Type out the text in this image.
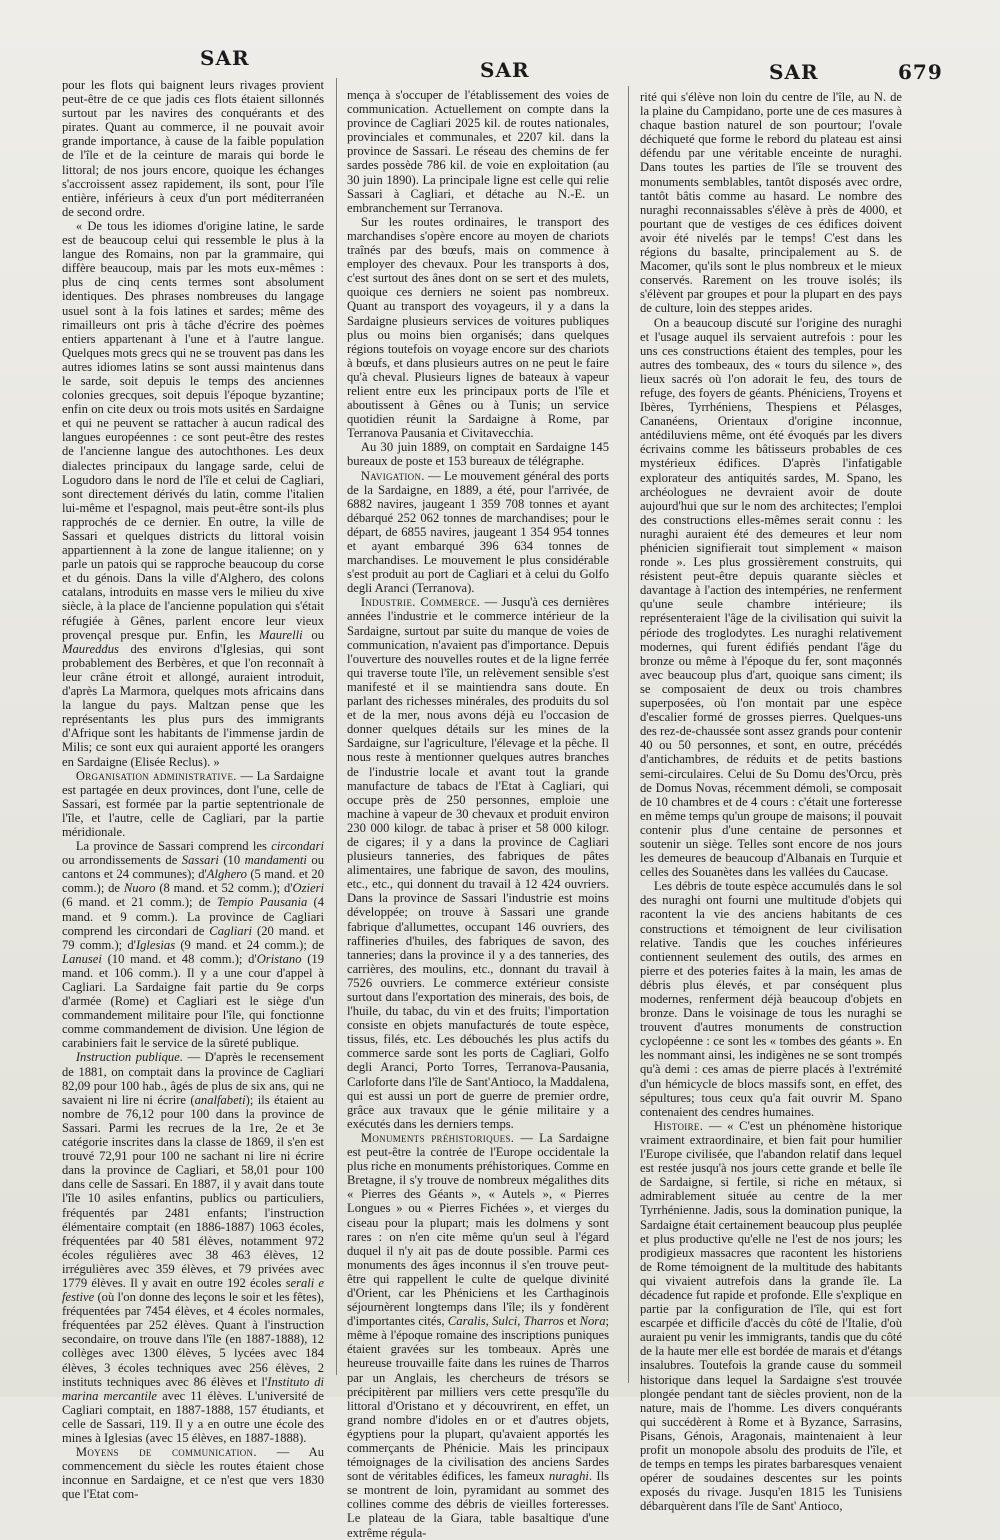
SAR	SAR	SAR	679

pour les flots qui baignent leurs rivages provient peut-être de ce que jadis ces flots étaient sillonnés surtout par les navires des conquérants et des pirates. Quant au commerce, il ne pouvait avoir grande importance, à cause de la faible population de l'île et de la ceinture de marais qui borde le littoral; de nos jours encore, quoique les échanges s'accroissent assez rapidement, ils sont, pour l'île entière, inférieurs à ceux d'un port méditerranéen de second ordre.

« De tous les idiomes d'origine latine, le sarde est de beaucoup celui qui ressemble le plus à la langue des Romains, non par la grammaire, qui diffère beaucoup, mais par les mots eux-mêmes : plus de cinq cents termes sont absolument identiques. Des phrases nombreuses du langage usuel sont à la fois latines et sardes; même des rimailleurs ont pris à tâche d'écrire des poèmes entiers appartenant à l'une et à l'autre langue. Quelques mots grecs qui ne se trouvent pas dans les autres idiomes latins se sont aussi maintenus dans le sarde, soit depuis le temps des anciennes colonies grecques, soit depuis l'époque byzantine; enfin on cite deux ou trois mots usités en Sardaigne et qui ne peuvent se rattacher à aucun radical des langues européennes : ce sont peut-être des restes de l'ancienne langue des autochthones. Les deux dialectes principaux du langage sarde, celui de Logudoro dans le nord de l'île et celui de Cagliari, sont directement dérivés du latin, comme l'italien lui-même et l'espagnol, mais peut-être sont-ils plus rapprochés de ce dernier. En outre, la ville de Sassari et quelques districts du littoral voisin appartiennent à la zone de langue italienne; on y parle un patois qui se rapproche beaucoup du corse et du génois. Dans la ville d'Alghero, des colons catalans, introduits en masse vers le milieu du xive siècle, à la place de l'ancienne population qui s'était réfugiée à Gênes, parlent encore leur vieux provençal presque pur. Enfin, les Maurelli ou Maureddus des environs d'Iglesias, qui sont probablement des Berbères, et que l'on reconnaît à leur crâne étroit et allongé, auraient introduit, d'après La Marmora, quelques mots africains dans la langue du pays. Maltzan pense que les représentants les plus purs des immigrants d'Afrique sont les habitants de l'immense jardin de Milis; ce sont eux qui auraient apporté les orangers en Sardaigne (Elisée Reclus). »

Organisation administrative. — La Sardaigne est partagée en deux provinces, dont l'une, celle de Sassari, est formée par la partie septentrionale de l'île, et l'autre, celle de Cagliari, par la partie méridionale.

La province de Sassari comprend les circondari ou arrondissements de Sassari (10 mandamenti ou cantons et 24 communes); d'Alghero (5 mand. et 20 comm.); de Nuoro (8 mand. et 52 comm.); d'Ozieri (6 mand. et 21 comm.); de Tempio Pausania (4 mand. et 9 comm.). La province de Cagliari comprend les circondari de Cagliari (20 mand. et 79 comm.); d'Iglesias (9 mand. et 24 comm.); de Lanusei (10 mand. et 48 comm.); d'Oristano (19 mand. et 106 comm.). Il y a une cour d'appel à Cagliari. La Sardaigne fait partie du 9e corps d'armée (Rome) et Cagliari est le siège d'un commandement militaire pour l'île, qui fonctionne comme commandement de division. Une légion de carabiniers fait le service de la sûreté publique.

Instruction publique. — D'après le recensement de 1881, on comptait dans la province de Cagliari 82,09 pour 100 hab., âgés de plus de six ans, qui ne savaient ni lire ni écrire (analfabeti); ils étaient au nombre de 76,12 pour 100 dans la province de Sassari. Parmi les recrues de la 1re, 2e et 3e catégorie inscrites dans la classe de 1869, il s'en est trouvé 72,91 pour 100 ne sachant ni lire ni écrire dans la province de Cagliari, et 58,01 pour 100 dans celle de Sassari. En 1887, il y avait dans toute l'île 10 asiles enfantins, publics ou particuliers, fréquentés par 2481 enfants; l'instruction élémentaire comptait (en 1886-1887) 1063 écoles, fréquentées par 40 581 élèves, notamment 972 écoles régulières avec 38 463 élèves, 12 irrégulières avec 359 élèves, et 79 privées avec 1779 élèves. Il y avait en outre 192 écoles serali e festive (où l'on donne des leçons le soir et les fêtes), fréquentées par 7454 élèves, et 4 écoles normales, fréquentées par 252 élèves. Quant à l'instruction secondaire, on trouve dans l'île (en 1887-1888), 12 collèges avec 1300 élèves, 5 lycées avec 184 élèves, 3 écoles techniques avec 256 élèves, 2 instituts techniques avec 86 élèves et l'Instituto di marina mercantile avec 11 élèves. L'université de Cagliari comptait, en 1887-1888, 157 étudiants, et celle de Sassari, 119. Il y a en outre une école des mines à Iglesias (avec 15 élèves, en 1887-1888).

Moyens de communication. — Au commencement du siècle les routes étaient chose inconnue en Sardaigne, et ce n'est que vers 1830 que l'Etat com-

mença à s'occuper de l'établissement des voies de communication. Actuellement on compte dans la province de Cagliari 2025 kil. de routes nationales, provinciales et communales, et 2207 kil. dans la province de Sassari. Le réseau des chemins de fer sardes possède 786 kil. de voie en exploitation (au 30 juin 1890). La principale ligne est celle qui relie Sassari à Cagliari, et détache au N.-E. un embranchement sur Terranova.

Sur les routes ordinaires, le transport des marchandises s'opère encore au moyen de chariots traînés par des bœufs, mais on commence à employer des chevaux. Pour les transports à dos, c'est surtout des ânes dont on se sert et des mulets, quoique ces derniers ne soient pas nombreux. Quant au transport des voyageurs, il y a dans la Sardaigne plusieurs services de voitures publiques plus ou moins bien organisés; dans quelques régions toutefois on voyage encore sur des chariots à bœufs, et dans plusieurs autres on ne peut le faire qu'à cheval. Plusieurs lignes de bateaux à vapeur relient entre eux les principaux ports de l'île et aboutissent à Gênes ou à Tunis; un service quotidien réunit la Sardaigne à Rome, par Terranova Pausania et Civitavecchia.

Au 30 juin 1889, on comptait en Sardaigne 145 bureaux de poste et 153 bureaux de télégraphe.

Navigation. — Le mouvement général des ports de la Sardaigne, en 1889, a été, pour l'arrivée, de 6882 navires, jaugeant 1 359 708 tonnes et ayant débarqué 252 062 tonnes de marchandises; pour le départ, de 6855 navires, jaugeant 1 354 954 tonnes et ayant embarqué 396 634 tonnes de marchandises. Le mouvement le plus considérable s'est produit au port de Cagliari et à celui du Golfo degli Aranci (Terranova).

Industrie. Commerce. — Jusqu'à ces dernières années l'industrie et le commerce intérieur de la Sardaigne, surtout par suite du manque de voies de communication, n'avaient pas d'importance. Depuis l'ouverture des nouvelles routes et de la ligne ferrée qui traverse toute l'île, un relèvement sensible s'est manifesté et il se maintiendra sans doute. En parlant des richesses minérales, des produits du sol et de la mer, nous avons déjà eu l'occasion de donner quelques détails sur les mines de la Sardaigne, sur l'agriculture, l'élevage et la pêche. Il nous reste à mentionner quelques autres branches de l'industrie locale et avant tout la grande manufacture de tabacs de l'Etat à Cagliari, qui occupe près de 250 personnes, emploie une machine à vapeur de 30 chevaux et produit environ 230 000 kilogr. de tabac à priser et 58 000 kilogr. de cigares; il y a dans la province de Cagliari plusieurs tanneries, des fabriques de pâtes alimentaires, une fabrique de savon, des moulins, etc., etc., qui donnent du travail à 12 424 ouvriers. Dans la province de Sassari l'industrie est moins développée; on trouve à Sassari une grande fabrique d'allumettes, occupant 146 ouvriers, des raffineries d'huiles, des fabriques de savon, des tanneries; dans la province il y a des tanneries, des carrières, des moulins, etc., donnant du travail à 7526 ouvriers. Le commerce extérieur consiste surtout dans l'exportation des minerais, des bois, de l'huile, du tabac, du vin et des fruits; l'importation consiste en objets manufacturés de toute espèce, tissus, filés, etc. Les débouchés les plus actifs du commerce sarde sont les ports de Cagliari, Golfo degli Aranci, Porto Torres, Terranova-Pausania, Carloforte dans l'île de Sant'Antioco, la Maddalena, qui est aussi un port de guerre de premier ordre, grâce aux travaux que le génie militaire y a exécutés dans les derniers temps.

Monuments préhistoriques. — La Sardaigne est peut-être la contrée de l'Europe occidentale la plus riche en monuments préhistoriques. Comme en Bretagne, il s'y trouve de nombreux mégalithes dits « Pierres des Géants », « Autels », « Pierres Longues » ou « Pierres Fichées », et vierges du ciseau pour la plupart; mais les dolmens y sont rares : on n'en cite même qu'un seul à l'égard duquel il n'y ait pas de doute possible. Parmi ces monuments des âges inconnus il s'en trouve peut-être qui rappellent le culte de quelque divinité d'Orient, car les Phéniciens et les Carthaginois séjournèrent longtemps dans l'île; ils y fondèrent d'importantes cités, Caralis, Sulci, Tharros et Nora; même à l'époque romaine des inscriptions puniques étaient gravées sur les tombeaux. Après une heureuse trouvaille faite dans les ruines de Tharros par un Anglais, les chercheurs de trésors se précipitèrent par milliers vers cette presqu'île du littoral d'Oristano et y découvrirent, en effet, un grand nombre d'idoles en or et d'autres objets, égyptiens pour la plupart, qu'avaient apportés les commerçants de Phénicie. Mais les principaux témoignages de la civilisation des anciens Sardes sont de véritables édifices, les fameux nuraghi. Ils se montrent de loin, pyramidant au sommet des collines comme des débris de vieilles forteresses. Le plateau de la Giara, table basaltique d'une extrême régula-

rité qui s'élève non loin du centre de l'île, au N. de la plaine du Campidano, porte une de ces masures à chaque bastion naturel de son pourtour; l'ovale déchiqueté que forme le rebord du plateau est ainsi défendu par une véritable enceinte de nuraghi. Dans toutes les parties de l'île se trouvent des monuments semblables, tantôt disposés avec ordre, tantôt bâtis comme au hasard. Le nombre des nuraghi reconnaissables s'élève à près de 4000, et pourtant que de vestiges de ces édifices doivent avoir été nivelés par le temps! C'est dans les régions du basalte, principalement au S. de Macomer, qu'ils sont le plus nombreux et le mieux conservés. Rarement on les trouve isolés; ils s'élèvent par groupes et pour la plupart en des pays de culture, loin des steppes arides.

On a beaucoup discuté sur l'origine des nuraghi et l'usage auquel ils servaient autrefois : pour les uns ces constructions étaient des temples, pour les autres des tombeaux, des « tours du silence », des lieux sacrés où l'on adorait le feu, des tours de refuge, des foyers de géants. Phéniciens, Troyens et Ibères, Tyrrhéniens, Thespiens et Pélasges, Cananéens, Orientaux d'origine inconnue, antédiluviens même, ont été évoqués par les divers écrivains comme les bâtisseurs probables de ces mystérieux édifices. D'après l'infatigable explorateur des antiquités sardes, M. Spano, les archéologues ne devraient avoir de doute aujourd'hui que sur le nom des architectes; l'emploi des constructions elles-mêmes serait connu : les nuraghi auraient été des demeures et leur nom phénicien signifierait tout simplement « maison ronde ». Les plus grossièrement construits, qui résistent peut-être depuis quarante siècles et davantage à l'action des intempéries, ne renferment qu'une seule chambre intérieure; ils représenteraient l'âge de la civilisation qui suivit la période des troglodytes. Les nuraghi relativement modernes, qui furent édifiés pendant l'âge du bronze ou même à l'époque du fer, sont maçonnés avec beaucoup plus d'art, quoique sans ciment; ils se composaient de deux ou trois chambres superposées, où l'on montait par une espèce d'escalier formé de grosses pierres. Quelques-uns des rez-de-chaussée sont assez grands pour contenir 40 ou 50 personnes, et sont, en outre, précédés d'antichambres, de réduits et de petits bastions semi-circulaires. Celui de Su Domu des'Orcu, près de Domus Novas, récemment démoli, se composait de 10 chambres et de 4 cours : c'était une forteresse en même temps qu'un groupe de maisons; il pouvait contenir plus d'une centaine de personnes et soutenir un siège. Telles sont encore de nos jours les demeures de beaucoup d'Albanais en Turquie et celles des Souanètes dans les vallées du Caucase.

Les débris de toute espèce accumulés dans le sol des nuraghi ont fourni une multitude d'objets qui racontent la vie des anciens habitants de ces constructions et témoignent de leur civilisation relative. Tandis que les couches inférieures contiennent seulement des outils, des armes en pierre et des poteries faites à la main, les amas de débris plus élevés, et par conséquent plus modernes, renferment déjà beaucoup d'objets en bronze. Dans le voisinage de tous les nuraghi se trouvent d'autres monuments de construction cyclopéenne : ce sont les « tombes des géants ». En les nommant ainsi, les indigènes ne se sont trompés qu'à demi : ces amas de pierre placés à l'extrémité d'un hémicycle de blocs massifs sont, en effet, des sépultures; tous ceux qu'a fait ouvrir M. Spano contenaient des cendres humaines.

Histoire. — « C'est un phénomène historique vraiment extraordinaire, et bien fait pour humilier l'Europe civilisée, que l'abandon relatif dans lequel est restée jusqu'à nos jours cette grande et belle île de Sardaigne, si fertile, si riche en métaux, si admirablement située au centre de la mer Tyrrhénienne. Jadis, sous la domination punique, la Sardaigne était certainement beaucoup plus peuplée et plus productive qu'elle ne l'est de nos jours; les prodigieux massacres que racontent les historiens de Rome témoignent de la multitude des habitants qui vivaient autrefois dans la grande île. La décadence fut rapide et profonde. Elle s'explique en partie par la configuration de l'île, qui est fort escarpée et difficile d'accès du côté de l'Italie, d'où auraient pu venir les immigrants, tandis que du côté de la haute mer elle est bordée de marais et d'étangs insalubres. Toutefois la grande cause du sommeil historique dans lequel la Sardaigne s'est trouvée plongée pendant tant de siècles provient, non de la nature, mais de l'homme. Les divers conquérants qui succédèrent à Rome et à Byzance, Sarrasins, Pisans, Génois, Aragonais, maintenaient à leur profit un monopole absolu des produits de l'île, et de temps en temps les pirates barbaresques venaient opérer de soudaines descentes sur les points exposés du rivage. Jusqu'en 1815 les Tunisiens débarquèrent dans l'île de Sant' Antioco,
